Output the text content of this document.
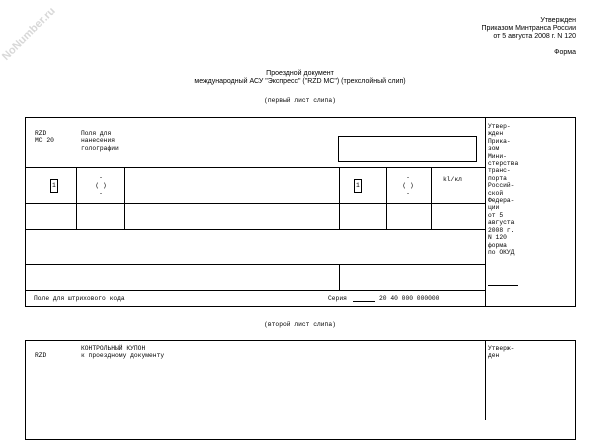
NoNumber.ru	Утвержден
Приказом Минтранса России
от 5 августа 2008 г. N 120
Форма
Проездной документ
международный АСУ "Экспресс" ("RZD МС") (трехслойный слип)
(первый лист слипа)
RZD
МС 20
Поля для
нанесения
голографии
1
-
( )
-
1
-
( )
-
kl/кл
Утвер-
жден
Прика-
зом
Мини-
стерства
транс-
порта
Россий-
ской
Федера-
ции
от 5
августа
2008 г.
N 120
форма
по ОКУД
Поле для штрихового кода	Серия	20 40 000 000000
(второй лист слипа)
RZD
КОНТРОЛЬНЫЙ КУПОН
к проездному документу
Утверж-
ден
